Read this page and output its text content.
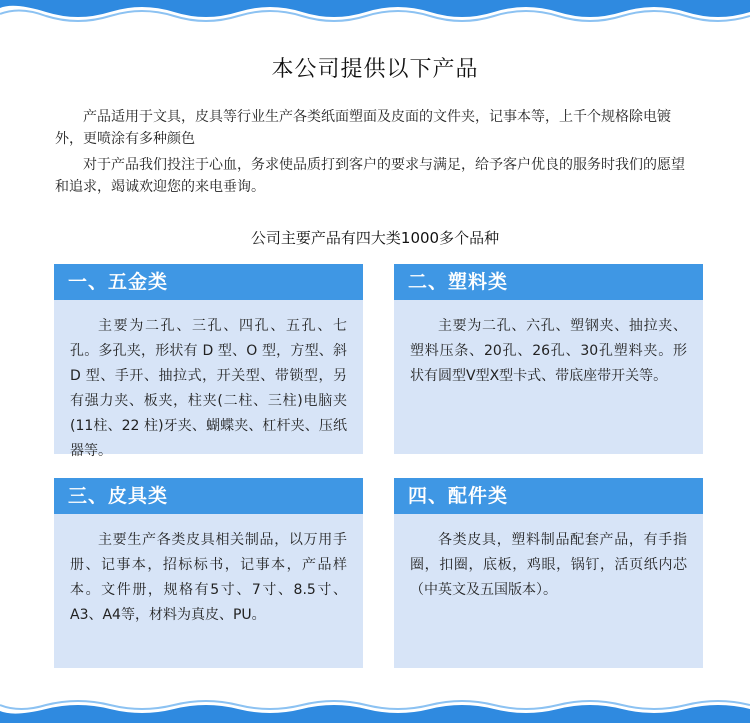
本公司提供以下产品

产品适用于文具，皮具等行业生产各类纸面塑面及皮面的文件夹，记事本等，上千个规格除电镀外，更喷涂有多种颜色

对于产品我们投注于心血，务求使品质打到客户的要求与满足，给予客户优良的服务时我们的愿望和追求，竭诚欢迎您的来电垂询。

公司主要产品有四大类1000多个品种
一、五金类
主要为二孔、三孔、四孔、五孔、七孔。多孔夹，形状有 D 型、O 型，方型、斜 D 型、手开、抽拉式，开关型、带锁型，另有强力夹、板夹，柱夹(二柱、三柱)电脑夹(11柱、22 柱)牙夹、蝴蝶夹、杠杆夹、压纸器等。
二、塑料类
主要为二孔、六孔、塑钢夹、抽拉夹、塑料压条、20孔、26孔、30孔塑料夹。形状有圆型V型X型卡式、带底座带开关等。
三、皮具类
主要生产各类皮具相关制品，以万用手册、记事本，招标标书，记事本，产品样本。文件册，规格有5寸、7寸、8.5寸、A3、A4等，材料为真皮、PU。
四、配件类
各类皮具，塑料制品配套产品，有手指圈，扣圈，底板，鸡眼，锅钉，活页纸内芯（中英文及五国版本）。
